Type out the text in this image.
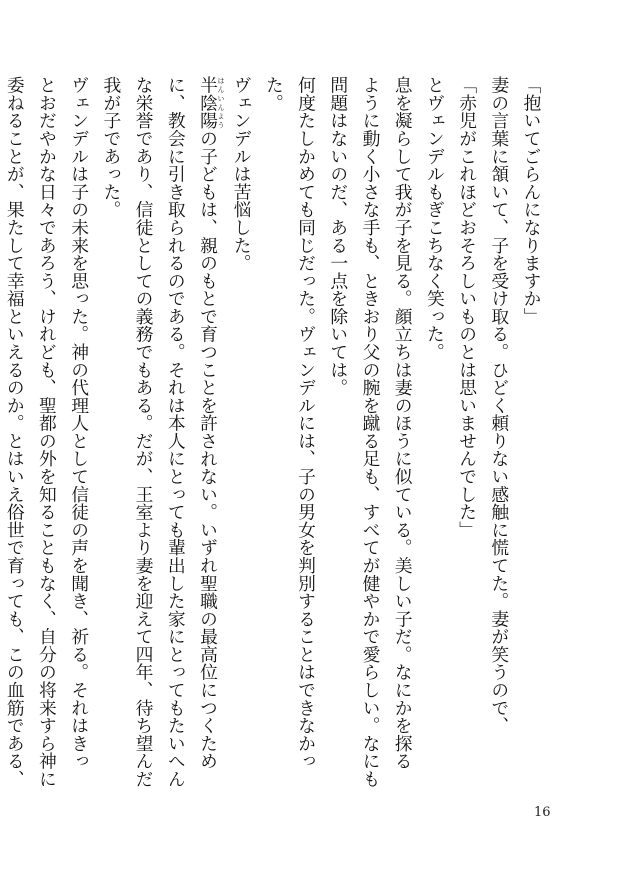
「抱いてごらんになりますか」
妻の言葉に頷いて、子を受け取る。ひどく頼りない感触に慌てた。妻が笑うので、
「赤児がこれほどおそろしいものとは思いませんでした」
とヴェンデルもぎこちなく笑った。
息を凝らして我が子を見る。顔立ちは妻のほうに似ている。美しい子だ。なにかを探る
ように動く小さな手も、ときおり父の腕を蹴る足も、すべてが健やかで愛らしい。なにも
問題はないのだ、ある一点を除いては。
何度たしかめても同じだった。ヴェンデルには、子の男女を判別することはできなかっ
た。
ヴェンデルは苦悩した。
半陰陽はんいんようの子どもは、親のもとで育つことを許されない。いずれ聖職の最高位につくため
に、教会に引き取られるのである。それは本人にとっても輩出した家にとってもたいへん
な栄誉であり、信徒としての義務でもある。だが、王室より妻を迎えて四年、待ち望んだ
我が子であった。
ヴェンデルは子の未来を思った。神の代理人として信徒の声を聞き、祈る。それはきっ
とおだやかな日々であろう、けれども、聖都の外を知ることもなく、自分の将来すら神に
委ねることが、果たして幸福といえるのか。とはいえ俗世で育っても、この血筋である、
16
